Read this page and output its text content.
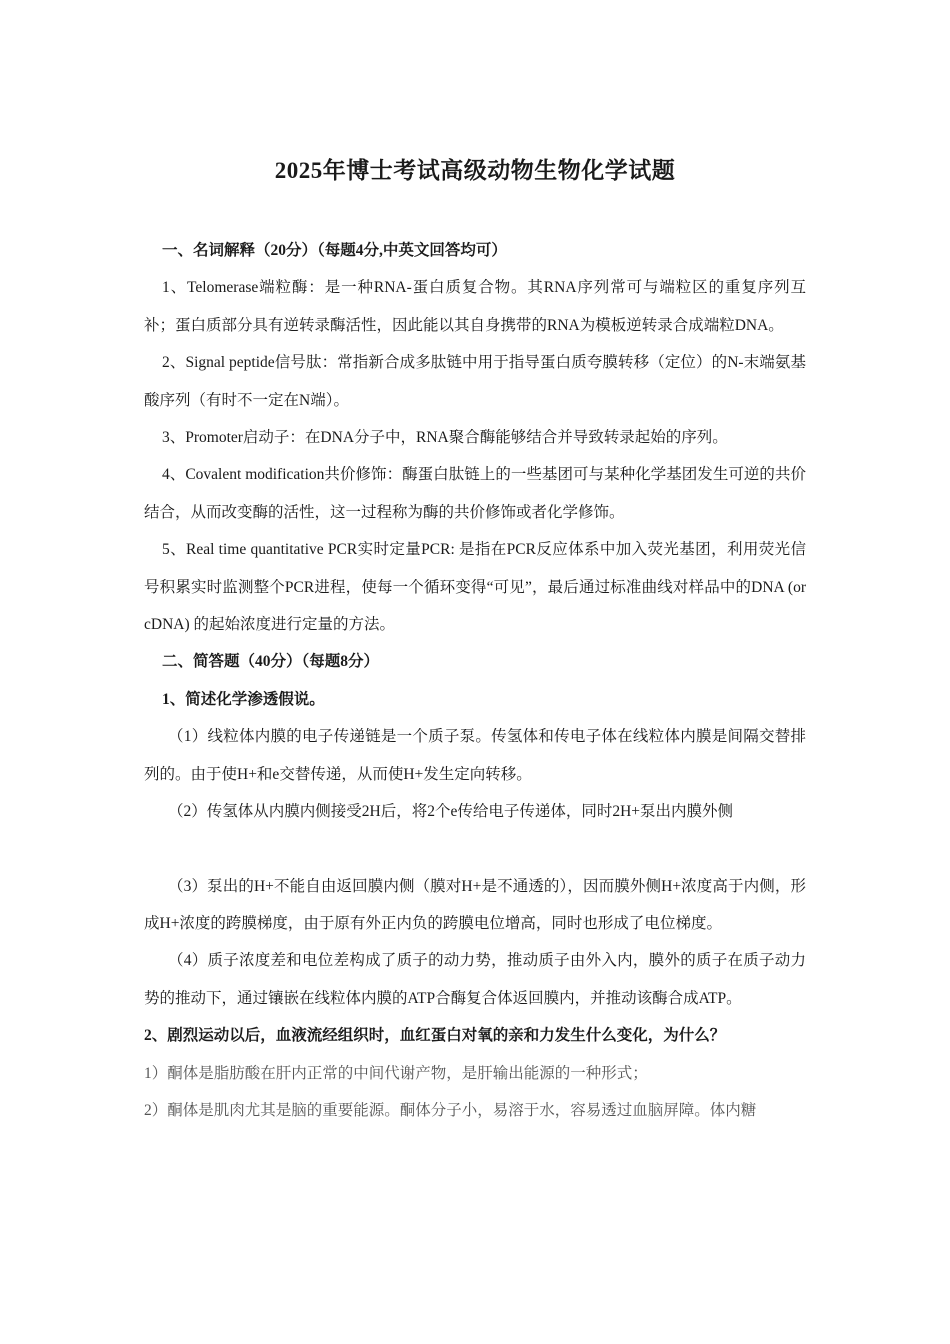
2025年博士考试高级动物生物化学试题

一、名词解释（20分）（每题4分,中英文回答均可）

1、Telomerase端粒酶：是一种RNA-蛋白质复合物。其RNA序列常可与端粒区的重复序列互补；蛋白质部分具有逆转录酶活性，因此能以其自身携带的RNA为模板逆转录合成端粒DNA。

2、Signal peptide信号肽：常指新合成多肽链中用于指导蛋白质夸膜转移（定位）的N-末端氨基酸序列（有时不一定在N端）。

3、Promoter启动子：在DNA分子中，RNA聚合酶能够结合并导致转录起始的序列。

4、Covalent modification共价修饰：酶蛋白肽链上的一些基团可与某种化学基团发生可逆的共价结合，从而改变酶的活性，这一过程称为酶的共价修饰或者化学修饰。

5、Real time quantitative PCR实时定量PCR: 是指在PCR反应体系中加入荧光基团，利用荧光信号积累实时监测整个PCR进程，使每一个循环变得“可见”，最后通过标准曲线对样品中的DNA (or cDNA) 的起始浓度进行定量的方法。

二、简答题（40分）（每题8分）

1、简述化学渗透假说。

（1）线粒体内膜的电子传递链是一个质子泵。传氢体和传电子体在线粒体内膜是间隔交替排列的。由于使H+和e交替传递，从而使H+发生定向转移。

（2）传氢体从内膜内侧接受2H后，将2个e传给电子传递体，同时2H+泵出内膜外侧

（3）泵出的H+不能自由返回膜内侧（膜对H+是不通透的），因而膜外侧H+浓度高于内侧，形成H+浓度的跨膜梯度，由于原有外正内负的跨膜电位增高，同时也形成了电位梯度。

（4）质子浓度差和电位差构成了质子的动力势，推动质子由外入内，膜外的质子在质子动力势的推动下，通过镶嵌在线粒体内膜的ATP合酶复合体返回膜内，并推动该酶合成ATP。

2、剧烈运动以后，血液流经组织时，血红蛋白对氧的亲和力发生什么变化，为什么？

1）酮体是脂肪酸在肝内正常的中间代谢产物，是肝输出能源的一种形式；

2）酮体是肌肉尤其是脑的重要能源。酮体分子小，易溶于水，容易透过血脑屏障。体内糖
